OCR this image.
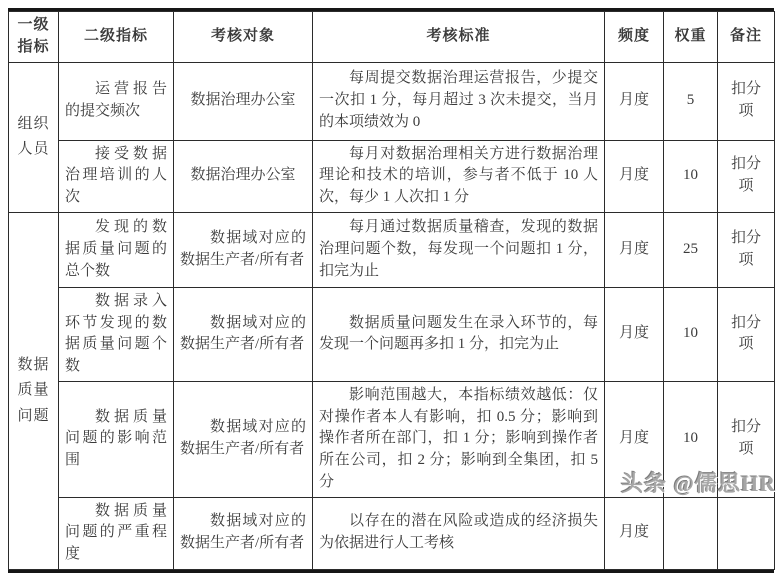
一级指标	二级指标	考核对象	考核标准	频度	权重	备注
组织人员	运营报告的提交频次	数据治理办公室	每周提交数据治理运营报告，少提交一次扣 1 分，每月超过 3 次未提交，当月的本项绩效为 0	月度	5	扣分项
	接受数据治理培训的人次	数据治理办公室	每月对数据治理相关方进行数据治理理论和技术的培训，参与者不低于 10 人次，每少 1 人次扣 1 分	月度	10	扣分项
数据质量问题	发现的数据质量问题的总个数	数据域对应的数据生产者/所有者	每月通过数据质量稽查，发现的数据治理问题个数，每发现一个问题扣 1 分，扣完为止	月度	25	扣分项
	数据录入环节发现的数据质量问题个数	数据域对应的数据生产者/所有者	数据质量问题发生在录入环节的，每发现一个问题再多扣 1 分，扣完为止	月度	10	扣分项
	数据质量问题的影响范围	数据域对应的数据生产者/所有者	影响范围越大，本指标绩效越低：仅对操作者本人有影响，扣 0.5 分；影响到操作者所在部门，扣 1 分；影响到操作者所在公司，扣 2 分；影响到全集团，扣 5 分	月度	10	扣分项
	数据质量问题的严重程度	数据域对应的数据生产者/所有者	以存在的潜在风险或造成的经济损失为依据进行人工考核	月度		
头条 @儒思HR
